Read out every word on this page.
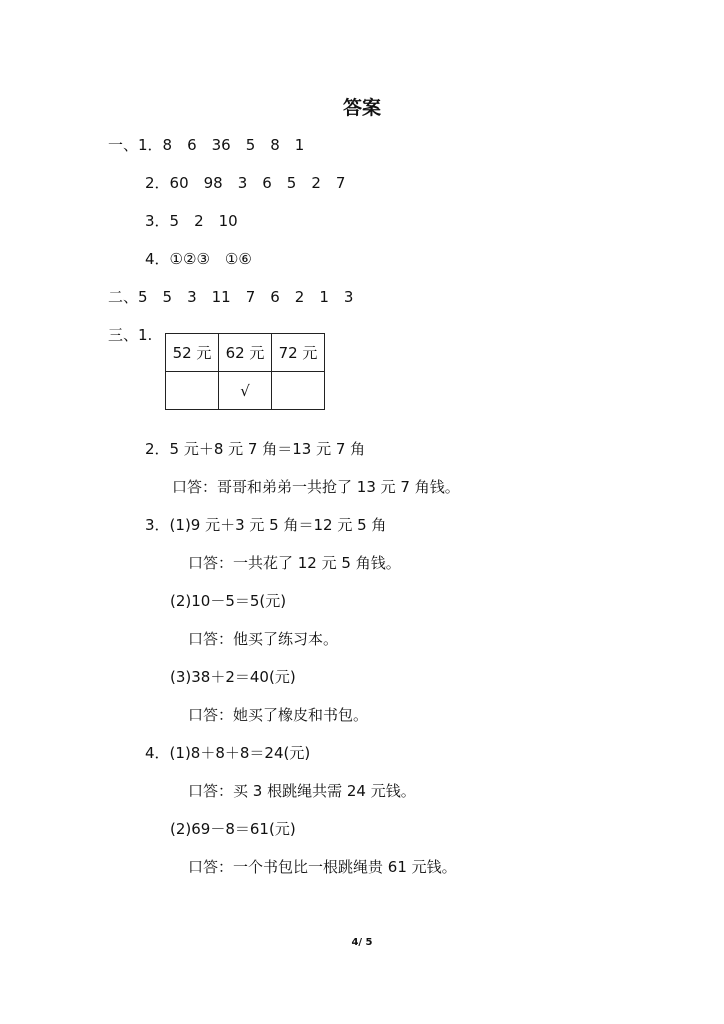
答案
一、1．8　6　36　5　8　1
2．60　98　3　6　5　2　7
3．5　2　10
4．①②③　①⑥
二、5　5　3　11　7　6　2　1　3
三、1.
52 元	62 元	72 元
	√	
2．5 元＋8 元 7 角＝13 元 7 角
口答：哥哥和弟弟一共抢了 13 元 7 角钱。
3．(1)9 元＋3 元 5 角＝12 元 5 角
口答：一共花了 12 元 5 角钱。
(2)10－5＝5(元)
口答：他买了练习本。
(3)38＋2＝40(元)
口答：她买了橡皮和书包。
4．(1)8＋8＋8＝24(元)
口答：买 3 根跳绳共需 24 元钱。
(2)69－8＝61(元)
口答：一个书包比一根跳绳贵 61 元钱。
4/ 5
